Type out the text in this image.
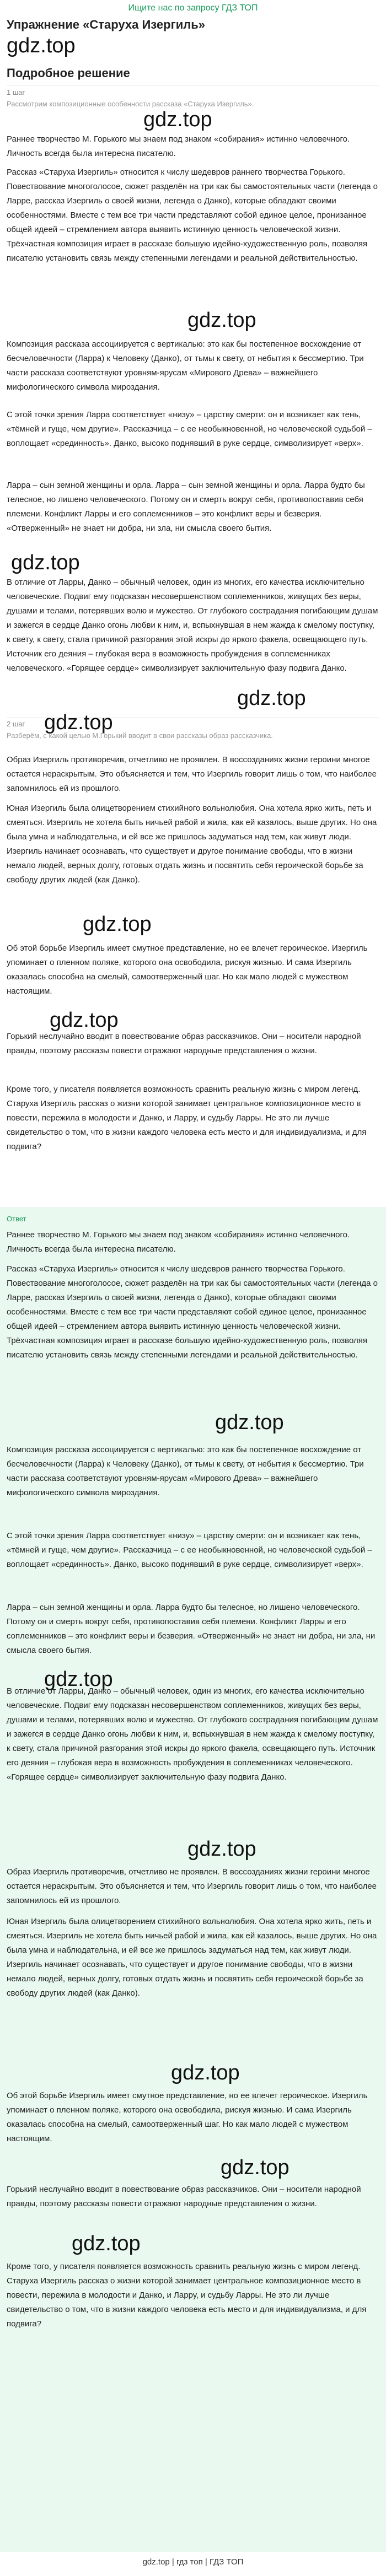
Ищите нас по запросу ГДЗ ТОП
Упражнение «Старуха Изергиль»
gdz.top
Подробное решение
1 шаг
Рассмотрим композиционные особенности рассказа «Старуха Изергиль».
gdz.top

Раннее творчество М. Горького мы знаем под знаком «собирания» истинно человечного. Личность всегда была интересна писателю.

Рассказ «Старуха Изергиль» относится к числу шедевров раннего творчества Горького. Повествование многоголосое, сюжет разделён на три как бы самостоятельных части (легенда о Ларре, рассказ Изергиль о своей жизни, легенда о Данко), которые обладают своими особенностями. Вместе с тем все три части представляют собой единое целое, пронизанное общей идеей – стремлением автора выявить истинную ценность человеческой жизни. Трёхчастная композиция играет в рассказе большую идейно-художественную роль, позволяя писателю установить связь между степенными легендами и реальной действительностью.

gdz.top

Композиция рассказа ассоциируется с вертикалью: это как бы постепенное восхождение от бесчеловечности (Ларра) к Человеку (Данко), от тьмы к свету, от небытия к бессмертию. Три части рассказа соответствуют уровням-ярусам «Мирового Древа» – важнейшего мифологического символа мироздания.

С этой точки зрения Ларра соответствует «низу» – царству смерти: он и возникает как тень, «тёмней и гуще, чем другие». Рассказчица – с ее необыкновенной, но человеческой судьбой – воплощает «срединность». Данко, высоко поднявший в руке сердце, символизирует «верх».

Ларра – сын земной женщины и орла. Ларра – сын земной женщины и орла. Ларра будто бы телесное, но лишено человеческого. Потому он и смерть вокруг себя, противопоставив себя племени. Конфликт Ларры и его соплеменников – это конфликт веры и безверия. «Отверженный» не знает ни добра, ни зла, ни смысла своего бытия.

gdz.top

В отличие от Ларры, Данко – обычный человек, один из многих, его качества исключительно человеческие. Подвиг ему подсказан несовершенством соплеменников, живущих без веры, душами и телами, потерявших волю и мужество. От глубокого сострадания погибающим душам и зажегся в сердце Данко огонь любви к ним, и, вспыхнувшая в нем жажда к смелому поступку, к свету, к свету, стала причиной разгорания этой искры до яркого факела, освещающего путь. Источник его деяния – глубокая вера в возможность пробуждения в соплеменниках человеческого. «Горящее сердце» символизирует заключительную фазу подвига Данко.

gdz.top
2 шаг gdz.top
Разберём, с какой целью М.Горький вводит в свои рассказы образ рассказчика.

Образ Изергиль противоречив, отчетливо не проявлен. В воссозданиях жизни героини многое остается нераскрытым. Это объясняется и тем, что Изергиль говорит лишь о том, что наиболее запомнилось ей из прошлого.

Юная Изергиль была олицетворением стихийного вольнолюбия. Она хотела ярко жить, петь и смеяться. Изергиль не хотела быть ничьей рабой и жила, как ей казалось, выше других. Но она была умна и наблюдательна, и ей все же пришлось задуматься над тем, как живут люди. Изергиль начинает осознавать, что существует и другое понимание свободы, что в жизни немало людей, верных долгу, готовых отдать жизнь и посвятить себя героической борьбе за свободу других людей (как Данко).

gdz.top

Об этой борьбе Изергиль имеет смутное представление, но ее влечет героическое. Изергиль упоминает о пленном поляке, которого она освободила, рискуя жизнью. И сама Изергиль оказалась способна на смелый, самоотверженный шаг. Но как мало людей с мужеством настоящим.

gdz.top

Горький неслучайно вводит в повествование образ рассказчиков. Они – носители народной правды, поэтому рассказы повести отражают народные представления о жизни.

Кроме того, у писателя появляется возможность сравнить реальную жизнь с миром легенд. Старуха Изергиль рассказ о жизни которой занимает центральное композиционное место в повести, пережила в молодости и Данко, и Ларру, и судьбу Ларры. Не это ли лучше свидетельство о том, что в жизни каждого человека есть место и для индивидуализма, и для подвига?

Ответ

Раннее творчество М. Горького мы знаем под знаком «собирания» истинно человечного. Личность всегда была интересна писателю.

Рассказ «Старуха Изергиль» относится к числу шедевров раннего творчества Горького. Повествование многоголосое, сюжет разделён на три как бы самостоятельных части (легенда о Ларре, рассказ Изергиль о своей жизни, легенда о Данко), которые обладают своими особенностями. Вместе с тем все три части представляют собой единое целое, пронизанное общей идеей – стремлением автора выявить истинную ценность человеческой жизни. Трёхчастная композиция играет в рассказе большую идейно-художественную роль, позволяя писателю установить связь между степенными легендами и реальной действительностью.

gdz.top

Композиция рассказа ассоциируется с вертикалью: это как бы постепенное восхождение от бесчеловечности (Ларра) к Человеку (Данко), от тьмы к свету, от небытия к бессмертию. Три части рассказа соответствуют уровням-ярусам «Мирового Древа» – важнейшего мифологического символа мироздания.

С этой точки зрения Ларра соответствует «низу» – царству смерти: он и возникает как тень, «тёмней и гуще, чем другие». Рассказчица – с ее необыкновенной, но человеческой судьбой – воплощает «срединность». Данко, высоко поднявший в руке сердце, символизирует «верх».

Ларра – сын земной женщины и орла. Ларра будто бы телесное, но лишено человеческого. Потому он и смерть вокруг себя, противопоставив себя племени. Конфликт Ларры и его соплеменников – это конфликт веры и безверия. «Отверженный» не знает ни добра, ни зла, ни смысла своего бытия.

gdz.top

В отличие от Ларры, Данко – обычный человек, один из многих, его качества исключительно человеческие. Подвиг ему подсказан несовершенством соплеменников, живущих без веры, душами и телами, потерявших волю и мужество. От глубокого сострадания погибающим душам и зажегся в сердце Данко огонь любви к ним, и, вспыхнувшая в нем жажда к смелому поступку, к свету, стала причиной разгорания этой искры до яркого факела, освещающего путь. Источник его деяния – глубокая вера в возможность пробуждения в соплеменниках человеческого. «Горящее сердце» символизирует заключительную фазу подвига Данко.

gdz.top

Образ Изергиль противоречив, отчетливо не проявлен. В воссозданиях жизни героини многое остается нераскрытым. Это объясняется и тем, что Изергиль говорит лишь о том, что наиболее запомнилось ей из прошлого.

Юная Изергиль была олицетворением стихийного вольнолюбия. Она хотела ярко жить, петь и смеяться. Изергиль не хотела быть ничьей рабой и жила, как ей казалось, выше других. Но она была умна и наблюдательна, и ей все же пришлось задуматься над тем, как живут люди. Изергиль начинает осознавать, что существует и другое понимание свободы, что в жизни немало людей, верных долгу, готовых отдать жизнь и посвятить себя героической борьбе за свободу других людей (как Данко).

gdz.top

Об этой борьбе Изергиль имеет смутное представление, но ее влечет героическое. Изергиль упоминает о пленном поляке, которого она освободила, рискуя жизнью. И сама Изергиль оказалась способна на смелый, самоотверженный шаг. Но как мало людей с мужеством настоящим.

gdz.top

Горький неслучайно вводит в повествование образ рассказчиков. Они – носители народной правды, поэтому рассказы повести отражают народные представления о жизни.

gdz.top

Кроме того, у писателя появляется возможность сравнить реальную жизнь с миром легенд. Старуха Изергиль рассказ о жизни которой занимает центральное композиционное место в повести, пережила в молодости и Данко, и Ларру, и судьбу Ларры. Не это ли лучше свидетельство о том, что в жизни каждого человека есть место и для индивидуализма, и для подвига?

gdz.top | гдз топ | ГДЗ ТОП
